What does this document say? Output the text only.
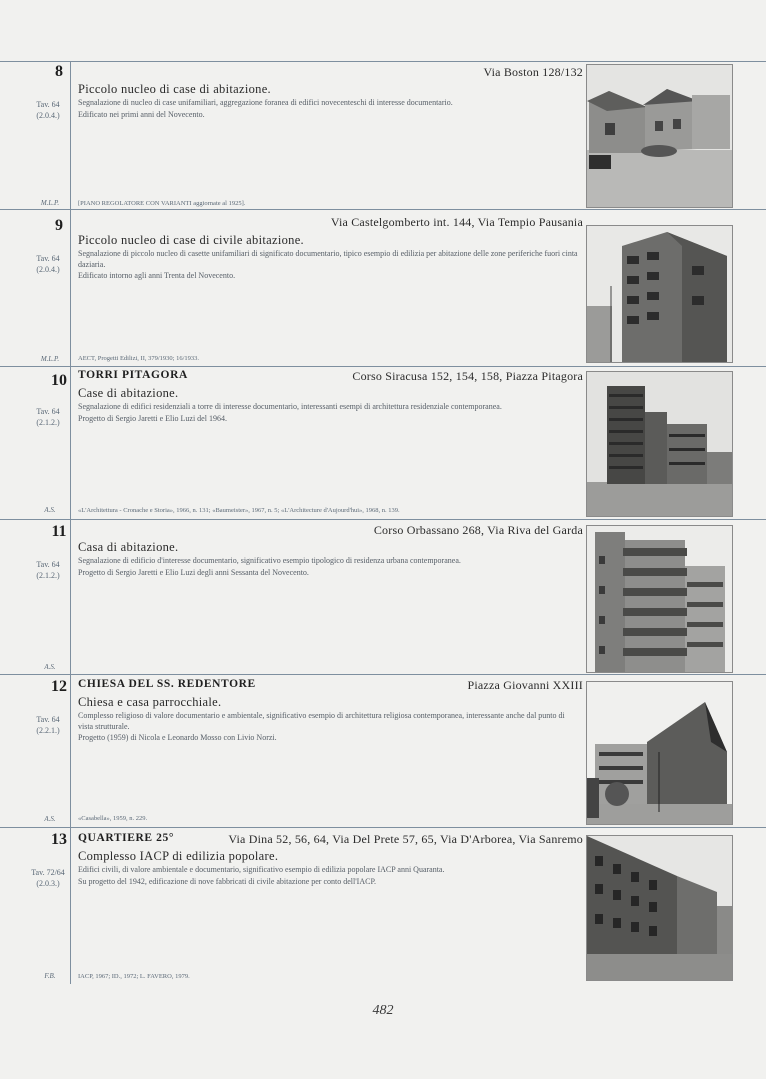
8
Tav. 64
(2.0.4.)
M.L.P.
Via Boston 128/132
Piccolo nucleo di case di abitazione.

Segnalazione di nucleo di case unifamiliari, aggregazione foranea di edifici novecenteschi di interesse documentario.

Edificato nei primi anni del Novecento.

[PIANO REGOLATORE CON VARIANTI aggiornate al 1925].
9
Tav. 64
(2.0.4.)
M.L.P.
Via Castelgomberto int. 144, Via Tempio Pausania
Piccolo nucleo di case di civile abitazione.

Segnalazione di piccolo nucleo di casette unifamiliari di significato documentario, tipico esempio di edilizia per abitazione delle zone periferiche fuori cinta daziaria.

Edificato intorno agli anni Trenta del Novecento.

AECT, Progetti Edilizi, II, 379/1930; 16/1933.
10
Tav. 64
(2.1.2.)
A.S.
TORRI PITAGORA	Corso Siracusa 152, 154, 158, Piazza Pitagora
Case di abitazione.

Segnalazione di edifici residenziali a torre di interesse documentario, interessanti esempi di architettura residenziale contemporanea.

Progetto di Sergio Jaretti e Elio Luzi del 1964.

«L'Architettura - Cronache e Storia», 1966, n. 131; «Baumeister», 1967, n. 5; «L'Architecture d'Aujourd'hui», 1968, n. 139.
11
Tav. 64
(2.1.2.)
A.S.
Corso Orbassano 268, Via Riva del Garda
Casa di abitazione.

Segnalazione di edificio d'interesse documentario, significativo esempio tipologico di residenza urbana contemporanea.

Progetto di Sergio Jaretti e Elio Luzi degli anni Sessanta del Novecento.

12
Tav. 64
(2.2.1.)
A.S.
CHIESA DEL SS. REDENTORE	Piazza Giovanni XXIII
Chiesa e casa parrocchiale.

Complesso religioso di valore documentario e ambientale, significativo esempio di architettura religiosa contemporanea, interessante anche dal punto di vista strutturale.

Progetto (1959) di Nicola e Leonardo Mosso con Livio Norzi.

«Casabella», 1959, n. 229.
13
Tav. 72/64
(2.0.3.)
F.B.
QUARTIERE 25°	Via Dina 52, 56, 64, Via Del Prete 57, 65, Via D'Arborea, Via Sanremo
Complesso IACP di edilizia popolare.

Edifici civili, di valore ambientale e documentario, significativo esempio di edilizia popolare IACP anni Quaranta.

Su progetto del 1942, edificazione di nove fabbricati di civile abitazione per conto dell'IACP.

IACP, 1967; ID., 1972; L. FAVERO, 1979.
482
